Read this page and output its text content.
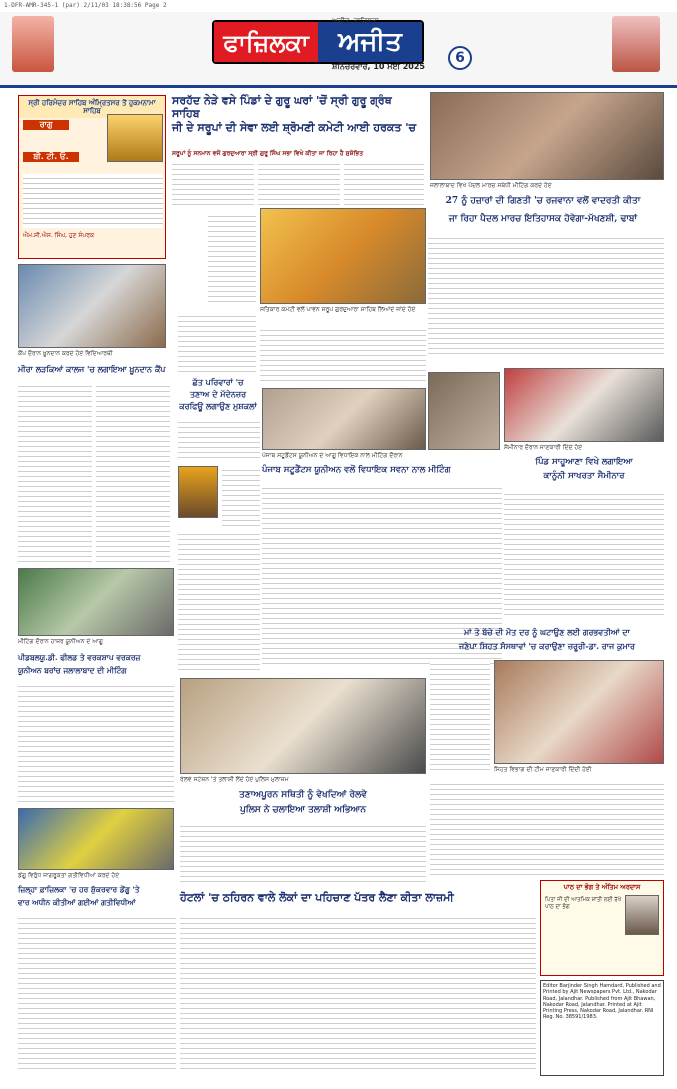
1-DFR-AMR-345-1 (par) 2/11/03 18:38:56 Page 2
ਫਾਜ਼ਿਲਕਾ	ਅਜੀਤ
ਅਜੀਤ, ਫਾਜ਼ਿਲਕਾ
ਸ਼ਨਿੱਚਰਵਾਰ, 10 ਮਈ 2025
6
ਸ੍ਰੀ ਹਰਿਮੰਦਰ ਸਾਹਿਬ ਅੰਮ੍ਰਿਤਸਰ ਤੋਂ ਹੁਕਮਨਾਮਾ ਸਾਹਿਬ
ਰਾਗੁ
ਬੀ. ਟੀ. ਓ.
ਐਮ.ਸੀ.ਐਸ. ਸਿੰਘ, ਹੁਣ ਸੰਪਰਕ
ਸਰਹੱਦ ਨੇੜੇ ਵਸੇ ਪਿੰਡਾਂ ਦੇ ਗੁਰੂ ਘਰਾਂ 'ਚੋਂ ਸ੍ਰੀ ਗੁਰੂ ਗ੍ਰੰਥ ਸਾਹਿਬ
ਜੀ ਦੇ ਸਰੂਪਾਂ ਦੀ ਸੇਵਾ ਲਈ ਸ਼੍ਰੋਮਣੀ ਕਮੇਟੀ ਆਈ ਹਰਕਤ 'ਚ
ਸਰੂਪਾਂ ਨੂੰ ਸਨਮਾਨ ਵਜੋਂ ਗੁਰਦੁਆਰਾ ਸ੍ਰੀ ਗੁਰੂ ਸਿੰਘ ਸਭਾ ਵਿਖੇ ਕੀਤਾ ਜਾ ਰਿਹਾ ਹੈ ਸੁਸ਼ੋਭਿਤ
ਜਲਾਲਾਬਾਦ ਵਿਖੇ ਪੈਦਲ ਮਾਰਚ ਸਬੰਧੀ ਮੀਟਿੰਗ ਕਰਦੇ ਹੋਏ
27 ਨੂੰ ਹਜ਼ਾਰਾਂ ਦੀ ਗਿਣਤੀ 'ਚ ਰਜਵਾਨਾ ਵਲੋਂ ਵਾਦਰਤੀ ਕੀਤਾ
ਜਾ ਰਿਹਾ ਪੈਦਲ ਮਾਰਚ ਇਤਿਹਾਸਕ ਹੋਵੇਗਾ-ਮੱਖਣਸ਼ੀ, ਢਾਬਾਂ
ਕੈਂਪ ਦੌਰਾਨ ਖ਼ੂਨਦਾਨ ਕਰਦੇ ਹੋਏ ਵਿਦਿਆਰਥੀ
ਮੀਰਾ ਲੜਕਿਆਂ ਕਾਲਜ 'ਚ ਲਗਾਇਆ ਖ਼ੂਨਦਾਨ ਕੈਂਪ
ਸਤਿਕਾਰ ਕਮੇਟੀ ਵਲੋਂ ਪਾਵਨ ਸਰੂਪ ਗੁਰਦੁਆਰਾ ਸਾਹਿਬ ਲਿਆਂਦੇ ਜਾਂਦੇ ਹੋਏ
ਛੱਤ ਪਰਿਵਾਰਾਂ 'ਚ
ਤਣਾਅ ਦੇ ਮੱਦੇਨਜ਼ਰ
ਕਰਫਿਊ ਲਗਾਉਣ ਮੁਸ਼ਕਲਾਂ
ਪੰਜਾਬ ਸਟੂਡੈਂਟਸ ਯੂਨੀਅਨ ਦੇ ਆਗੂ ਵਿਧਾਇਕ ਨਾਲ ਮੀਟਿੰਗ ਦੌਰਾਨ
ਪੰਜਾਬ ਸਟੂਡੈਂਟਸ ਯੂਨੀਅਨ ਵਲੋਂ ਵਿਧਾਇਕ ਸਵਨਾ ਨਾਲ ਮੀਟਿੰਗ
ਸੈਮੀਨਾਰ ਦੌਰਾਨ ਜਾਣਕਾਰੀ ਦਿੰਦੇ ਹੋਏ
ਪਿੰਡ ਸਾਹੂਆਣਾ ਵਿਖੇ ਲਗਾਇਆ
ਕਾਨੂੰਨੀ ਸਾਖਰਤਾ ਸੈਮੀਨਾਰ
ਮੀਟਿੰਗ ਦੌਰਾਨ ਹਾਜ਼ਰ ਯੂਨੀਅਨ ਦੇ ਆਗੂ
ਪੀਡਬਲਯੂ.ਡੀ. ਫੀਲਡ ਤੇ ਵਰਕਸ਼ਾਪ ਵਰਕਰਜ਼
ਯੂਨੀਅਨ ਬਰਾਂਚ ਜਲਾਲਾਬਾਦ ਦੀ ਮੀਟਿੰਗ
ਮਾਂ ਤੇ ਬੱਚੇ ਦੀ ਮੌਤ ਦਰ ਨੂੰ ਘਟਾਉਣ ਲਈ ਗਰਭਵਤੀਆਂ ਦਾ
ਜਣੇਪਾ ਸਿਹਤ ਸੰਸਥਾਵਾਂ 'ਚ ਕਰਾਉਣਾ ਜ਼ਰੂਰੀ-ਡਾ. ਰਾਜ ਕੁਮਾਰ
ਸਿਹਤ ਵਿਭਾਗ ਦੀ ਟੀਮ ਜਾਣਕਾਰੀ ਦਿੰਦੀ ਹੋਈ
ਰੇਲਵੇ ਸਟੇਸ਼ਨ 'ਤੇ ਤਲਾਸ਼ੀ ਲੈਂਦੇ ਹੋਏ ਪੁਲਿਸ ਮੁਲਾਜ਼ਮ
ਤਣਾਅਪੂਰਨ ਸਥਿਤੀ ਨੂੰ ਵੇਖਦਿਆਂ ਰੇਲਵੇ
ਪੁਲਿਸ ਨੇ ਚਲਾਇਆ ਤਲਾਸ਼ੀ ਅਭਿਆਨ
ਡੇਂਗੂ ਵਿਰੁੱਧ ਜਾਗਰੂਕਤਾ ਗਤੀਵਿਧੀਆਂ ਕਰਦੇ ਹੋਏ
ਜ਼ਿਲ੍ਹਾ ਫ਼ਾਜ਼ਿਲਕਾ 'ਚ ਹਰ ਸ਼ੁੱਕਰਵਾਰ ਡੇਂਗੂ 'ਤੇ
ਵਾਰ ਅਧੀਨ ਕੀਤੀਆਂ ਗਈਆਂ ਗਤੀਵਿਧੀਆਂ
ਪਾਠ ਦਾ ਭੋਗ ਤੇ ਅੰਤਿਮ ਅਰਦਾਸ
ਪਿਤਾ ਜੀ ਦੀ ਆਤਮਿਕ ਸ਼ਾਂਤੀ ਲਈ ਰੱਖੇ ਪਾਠ ਦਾ ਭੋਗ
ਹੋਟਲਾਂ 'ਚ ਠਹਿਰਨ ਵਾਲੇ ਲੋਕਾਂ ਦਾ ਪਹਿਚਾਣ ਪੱਤਰ ਲੈਣਾ ਕੀਤਾ ਲਾਜ਼ਮੀ
Editor Barjinder Singh Hamdard, Published and Printed by Ajit Newspapers Pvt. Ltd., Nakodar Road, Jalandhar. Published from Ajit Bhawan, Nakodar Road, Jalandhar. Printed at Ajit Printing Press, Nakodar Road, Jalandhar. RNI Reg. No. 38591/1983.
